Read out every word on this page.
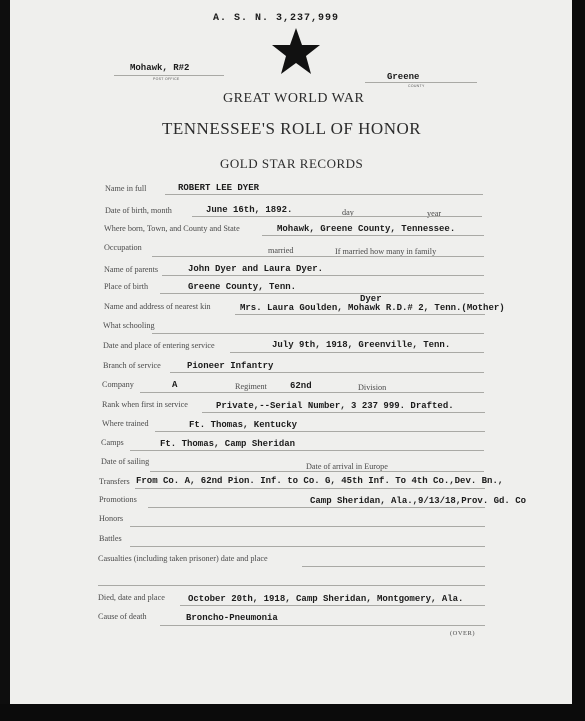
A. S. N. 3,237,999
Mohawk, R#2
POST OFFICE	Greene
COUNTY
GREAT WORLD WAR
TENNESSEE'S ROLL OF HONOR
GOLD STAR RECORDS
Name in full	ROBERT LEE DYER
Date of birth, month	June 16th, 1892.	day	year
Where born, Town, and County and State	Mohawk, Greene County, Tennessee.
Occupation	married	If married how many in family
Name of parents	John Dyer and Laura Dyer.
Place of birth	Greene County, Tenn.
Dyer
Name and address of nearest kin	Mrs. Laura Goulden, Mohawk R.D.# 2, Tenn.(Mother)
What schooling
Date and place of entering service	July 9th, 1918, Greenville, Tenn.
Branch of service	Pioneer Infantry
Company	A	Regiment	62nd	Division
Rank when first in service	Private,--Serial Number, 3 237 999. Drafted.
Where trained	Ft. Thomas, Kentucky
Camps	Ft. Thomas, Camp Sheridan
Date of sailing
Date of arrival in Europe
Transfers From Co. A, 62nd Pion. Inf. to Co. G, 45th Inf. To 4th Co.,Dev. Bn.,
Promotions	Camp Sheridan, Ala.,9/13/18,Prov. Gd. Co
Honors
Battles
Casualties (including taken prisoner) date and place
Died, date and place	October 20th, 1918, Camp Sheridan, Montgomery, Ala.
Cause of death	Broncho-Pneumonia
(OVER)
